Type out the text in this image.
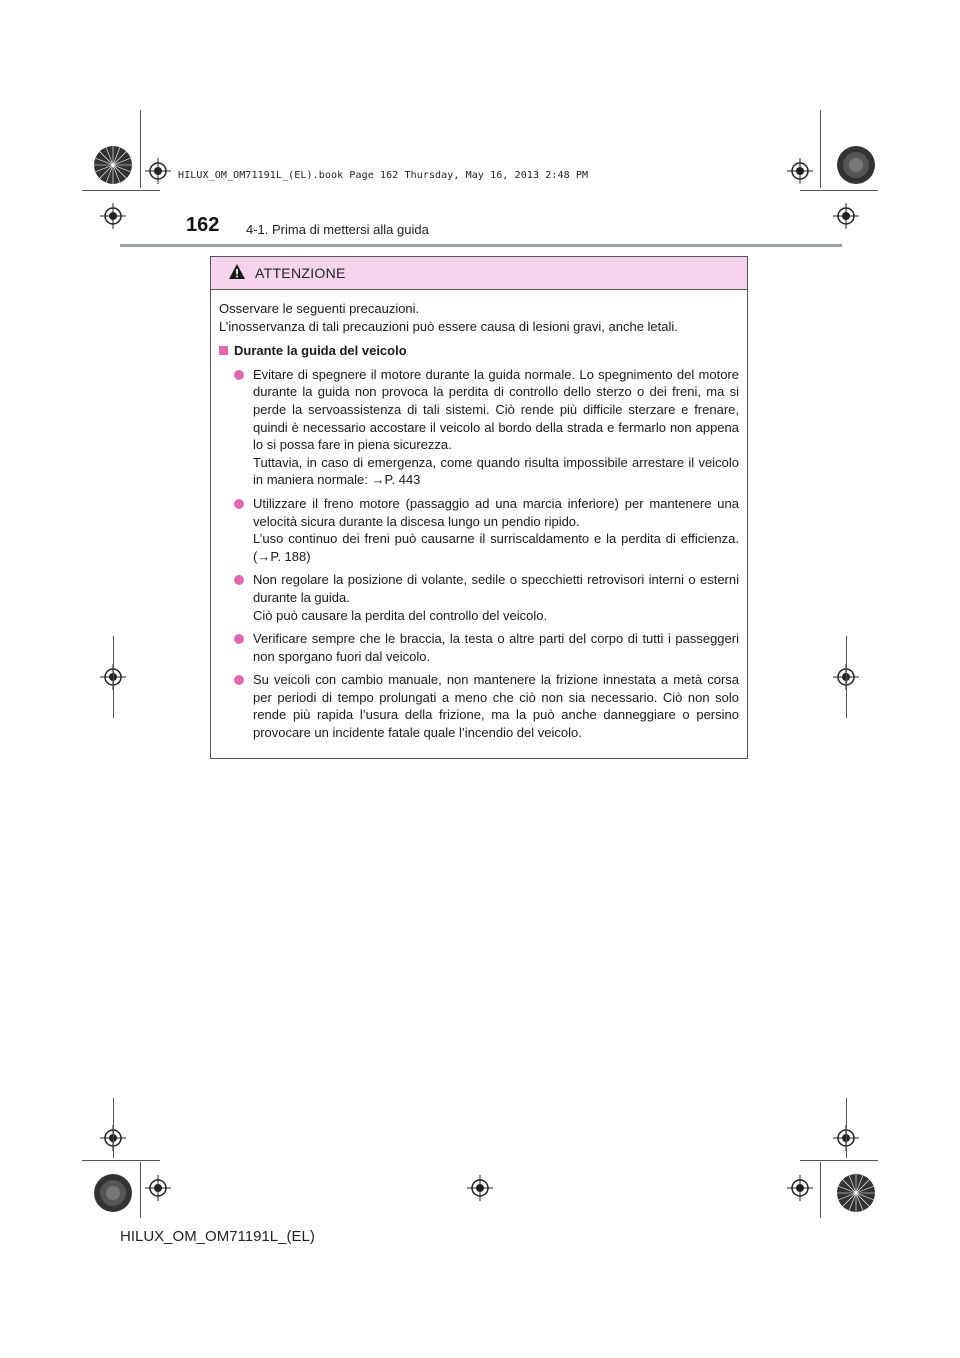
HILUX_OM_OM71191L_(EL).book Page 162 Thursday, May 16, 2013 2:48 PM
162 4-1. Prima di mettersi alla guida
ATTENZIONE

Osservare le seguenti precauzioni.

L’inosservanza di tali precauzioni può essere causa di lesioni gravi, anche letali.

Durante la guida del veicolo

Evitare di spegnere il motore durante la guida normale. Lo spegnimento del motore durante la guida non provoca la perdita di controllo dello sterzo o dei freni, ma si perde la servoassistenza di tali sistemi. Ciò rende più difficile sterzare e frenare, quindi è necessario accostare il veicolo al bordo della strada e fermarlo non appena lo si possa fare in piena sicurezza.

Tuttavia, in caso di emergenza, come quando risulta impossibile arrestare il veicolo in maniera normale: →P. 443

Utilizzare il freno motore (passaggio ad una marcia inferiore) per mantenere una velocità sicura durante la discesa lungo un pendio ripido.

L’uso continuo dei freni può causarne il surriscaldamento e la perdita di efficienza. (→P. 188)

Non regolare la posizione di volante, sedile o specchietti retrovisori interni o esterni durante la guida.

Ciò può causare la perdita del controllo del veicolo.

Verificare sempre che le braccia, la testa o altre parti del corpo di tutti i passeggeri non sporgano fuori dal veicolo.

Su veicoli con cambio manuale, non mantenere la frizione innestata a metà corsa per periodi di tempo prolungati a meno che ciò non sia necessario. Ciò non solo rende più rapida l’usura della frizione, ma la può anche danneggiare o persino provocare un incidente fatale quale l’incendio del veicolo.

HILUX_OM_OM71191L_(EL)
